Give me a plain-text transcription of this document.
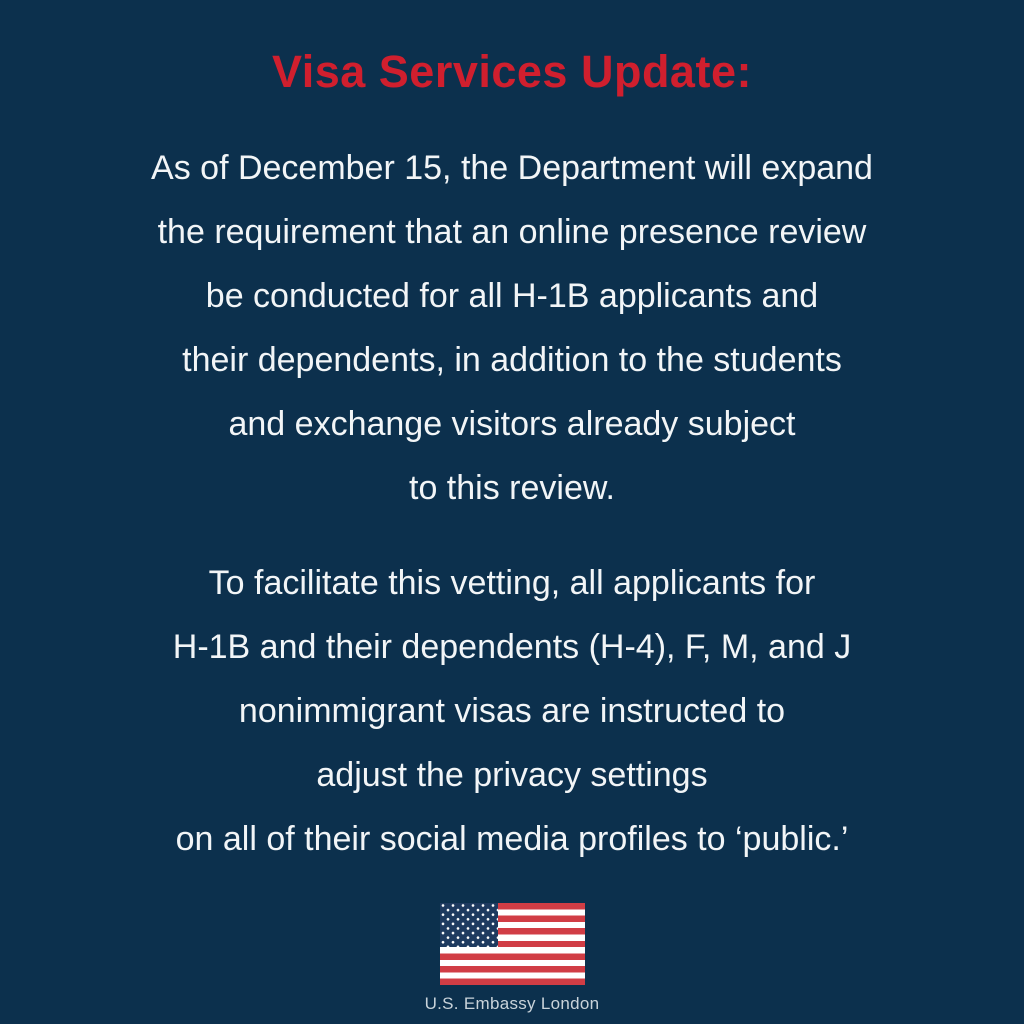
Visa Services Update:
As of December 15, the Department will expand
the requirement that an online presence review
be conducted for all H-1B applicants and
their dependents, in addition to the students
and exchange visitors already subject
to this review.
To facilitate this vetting, all applicants for
H-1B and their dependents (H-4), F, M, and J
nonimmigrant visas are instructed to
adjust the privacy settings
on all of their social media profiles to ‘public.’
U.S. Embassy London
